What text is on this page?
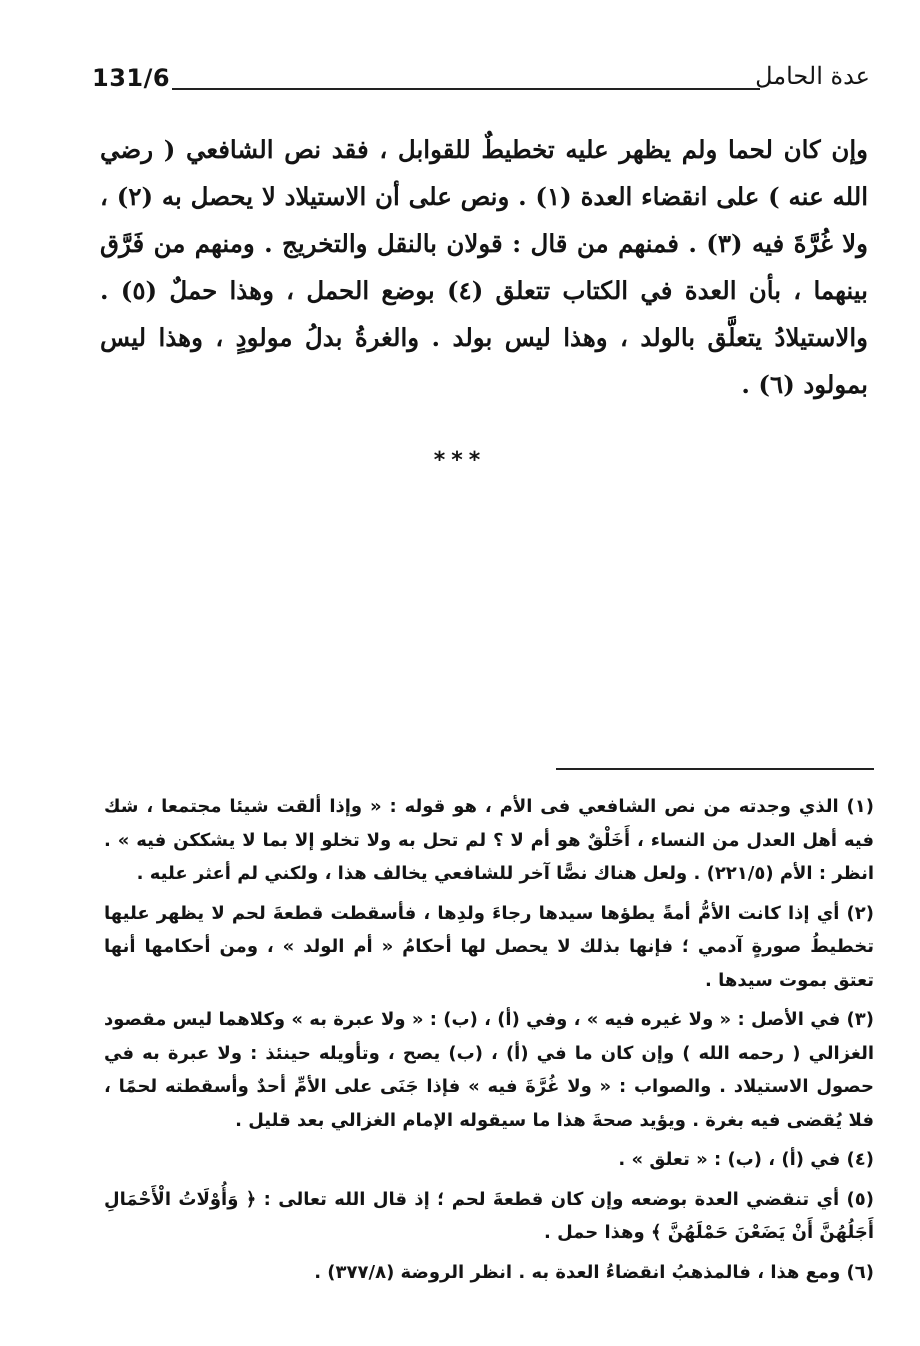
131/6	عدة الحامل

وإن كان لحما ولم يظهر عليه تخطيطٌ للقوابل ، فقد نص الشافعي ( رضي الله عنه ) على انقضاء العدة (١) . ونص على أن الاستيلاد لا يحصل به (٢) ، ولا غُرَّةَ فيه (٣) . فمنهم من قال : قولان بالنقل والتخريج . ومنهم من فَرَّق بينهما ، بأن العدة في الكتاب تتعلق (٤) بوضع الحمل ، وهذا حملٌ (٥) . والاستيلادُ يتعلَّق بالولد ، وهذا ليس بولد . والغرةُ بدلُ مولودٍ ، وهذا ليس بمولود (٦) .

***

(١) الذي وجدته من نص الشافعي فى الأم ، هو قوله : « وإذا ألقت شيئا مجتمعا ، شك فيه أهل العدل من النساء ، أَخَلْقٌ هو أم لا ؟ لم تحل به ولا تخلو إلا بما لا يشككن فيه » . انظر : الأم (٢٢١/٥) . ولعل هناك نصًّا آخر للشافعي يخالف هذا ، ولكني لم أعثر عليه .

(٢) أي إذا كانت الأمُّ أمةً يطؤها سيدها رجاءَ ولدِها ، فأسقطت قطعةَ لحم لا يظهر عليها تخطيطُ صورةٍ آدمي ؛ فإنها بذلك لا يحصل لها أحكامُ « أم الولد » ، ومن أحكامها أنها تعتق بموت سيدها .

(٣) في الأصل : « ولا غيره فيه » ، وفي (أ) ، (ب) : « ولا عبرة به » وكلاهما ليس مقصود الغزالي ( رحمه الله ) وإن كان ما في (أ) ، (ب) يصح ، وتأويله حينئذ : ولا عبرة به في حصول الاستيلاد . والصواب : « ولا غُرَّةَ فيه » فإذا جَنَى على الأمِّ أحدٌ وأسقطته لحمًا ، فلا يُقضى فيه بغرة . ويؤيد صحةَ هذا ما سيقوله الإمام الغزالي بعد قليل .

(٤) في (أ) ، (ب) : « تعلق » .

(٥) أي تنقضي العدة بوضعه وإن كان قطعةَ لحم ؛ إذ قال الله تعالى : ﴿ وَأُوْلَاتُ الْأَحْمَالِ أَجَلُهُنَّ أَنْ يَضَعْنَ حَمْلَهُنَّ ﴾ وهذا حمل .

(٦) ومع هذا ، فالمذهبُ انقضاءُ العدة به . انظر الروضة (٣٧٧/٨) .
